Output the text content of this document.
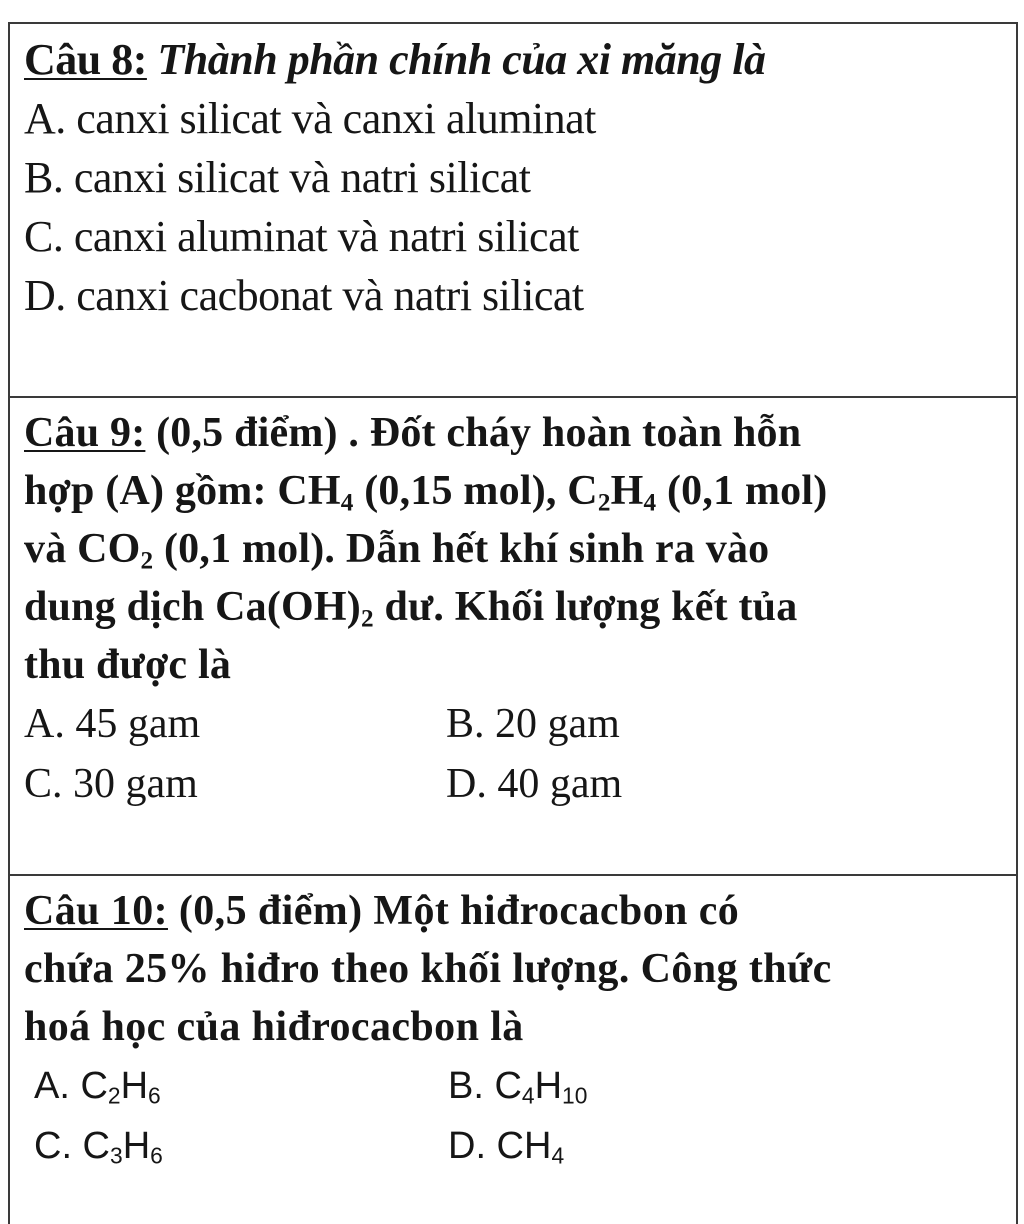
Câu 8: Thành phần chính của xi măng là
A. canxi silicat và canxi aluminat
B. canxi silicat và natri silicat
C. canxi aluminat và natri silicat
D. canxi cacbonat và natri silicat
Câu 9: (0,5 điểm) . Đốt cháy hoàn toàn hỗn
hợp (A) gồm: $CH_4$ (0,15 mol), $C_2H_4$ (0,1 mol)
và $CO_2$ (0,1 mol). Dẫn hết khí sinh ra vào
dung dịch $Ca(OH)_2$ dư. Khối lượng kết tủa
thu được là
A. 45 gam	B. 20 gam
C. 30 gam	D. 40 gam
Câu 10: (0,5 điểm) Một hiđrocacbon có
chứa 25% hiđro theo khối lượng. Công thức
hoá học của hiđrocacbon là
A. $C_2H_6$	B. $C_4H_{10}$
C. $C_3H_6$	D. $CH_4$
